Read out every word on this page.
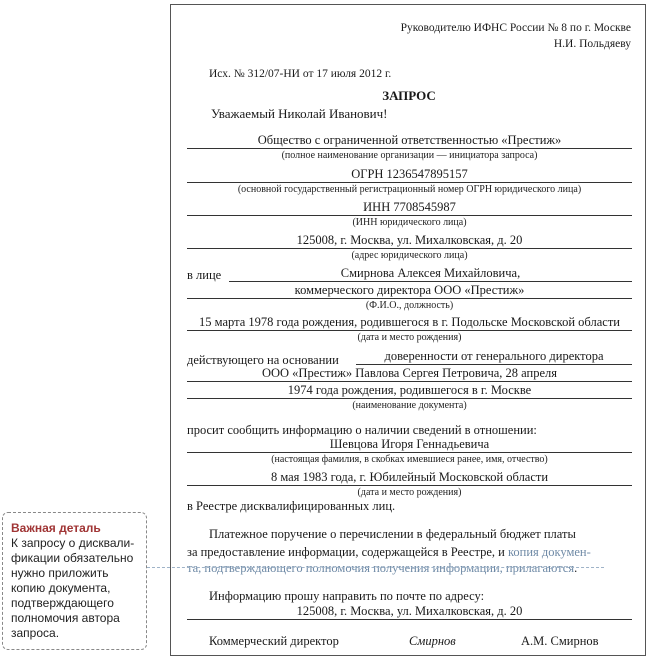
Руководителю ИФНС России № 8 по г. Москве
Н.И. Польдяеву
Исх. № 312/07-НИ от 17 июля 2012 г.
ЗАПРОС
Уважаемый Николай Иванович!
Общество с ограниченной ответственностью «Престиж»
(полное наименование организации — инициатора запроса)
ОГРН 1236547895157
(основной государственный регистрационный номер ОГРН юридического лица)
ИНН 7708545987
(ИНН юридического лица)
125008, г. Москва, ул. Михалковская, д. 20
(адрес юридического лица)
в лице	Смирнова Алексея Михайловича,
коммерческого директора ООО «Престиж»
(Ф.И.О., должность)
15 марта 1978 года рождения, родившегося в г. Подольске Московской области
(дата и место рождения)
действующего на основании	доверенности от генерального директора
ООО «Престиж» Павлова Сергея Петровича, 28 апреля
1974 года рождения, родившегося в г. Москве
(наименование документа)
просит сообщить информацию о наличии сведений в отношении:
Шевцова Игоря Геннадьевича
(настоящая фамилия, в скобках имевшиеся ранее, имя, отчество)
8 мая 1983 года, г. Юбилейный Московской области
(дата и место рождения)
в Реестре дисквалифицированных лиц.
Платежное поручение о перечислении в федеральный бюджет платы
за предоставление информации, содержащейся в Реестре, и копия докумен-
та, подтверждающего полномочия получения информации, прилагаются.
Информацию прошу направить по почте по адресу:
125008, г. Москва, ул. Михалковская, д. 20
Коммерческий директор	Смирнов	А.М. Смирнов
Важная деталь
К запросу о дисквали-фикации обязательно нужно приложить копию документа, подтверждающего полномочия автора запроса.
